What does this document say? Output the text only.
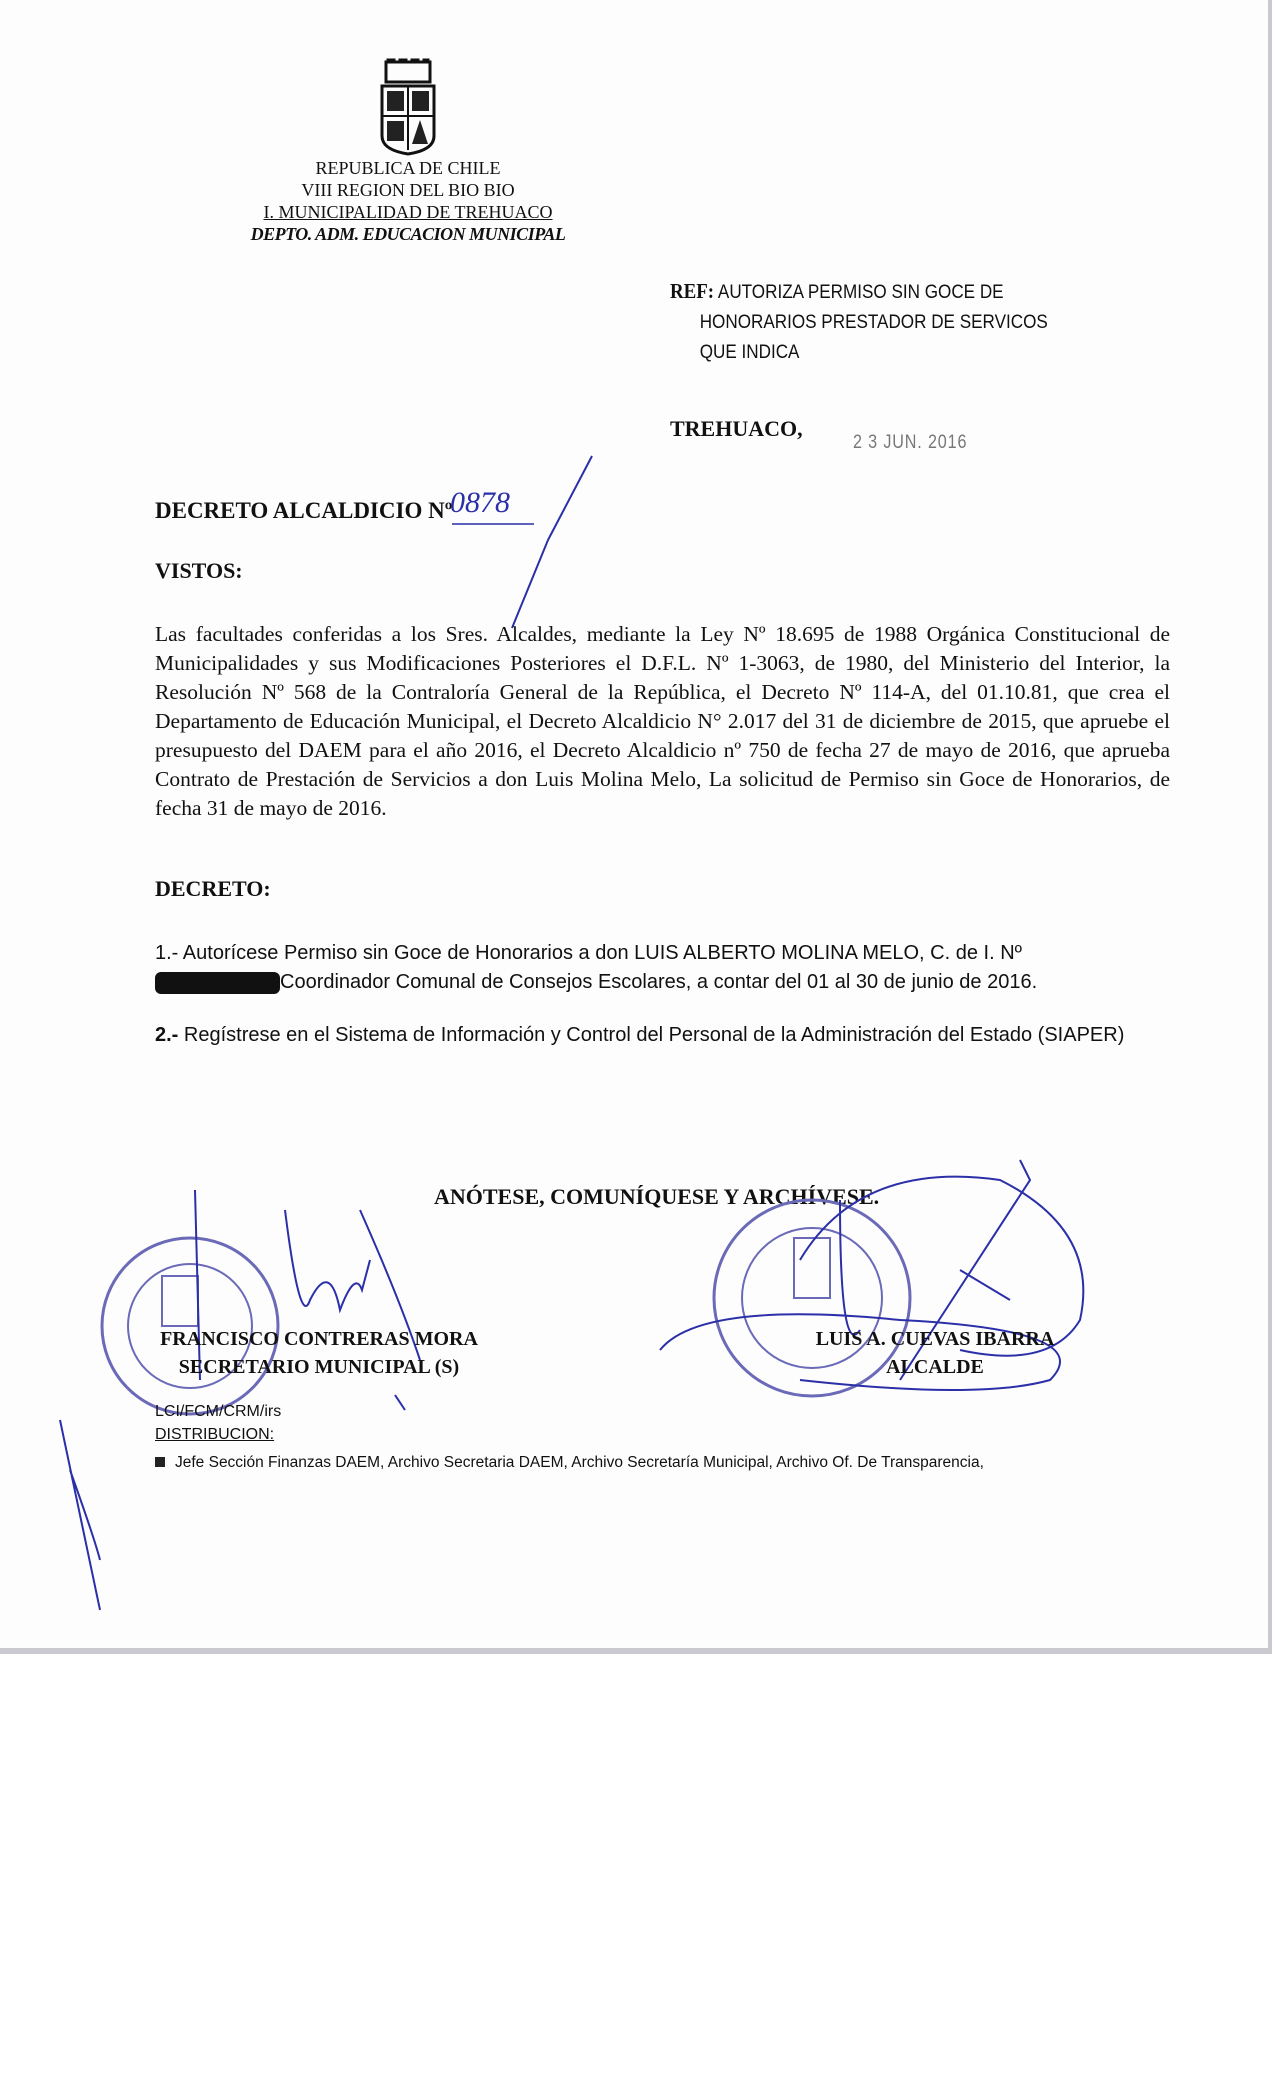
REPUBLICA DE CHILE
VIII REGION DEL BIO BIO
I. MUNICIPALIDAD DE TREHUACO
DEPTO. ADM. EDUCACION MUNICIPAL
REF: AUTORIZA PERMISO SIN GOCE DE
HONORARIOS PRESTADOR DE SERVICOS
QUE INDICA
TREHUACO,
2 3 JUN. 2016
DECRETO ALCALDICIO Nº
0878
VISTOS:
Las facultades conferidas a los Sres. Alcaldes, mediante la Ley Nº 18.695 de 1988 Orgánica Constitucional de Municipalidades y sus Modificaciones Posteriores el D.F.L. Nº 1-3063, de 1980, del Ministerio del Interior, la Resolución Nº 568 de la Contraloría General de la República, el Decreto Nº 114-A, del 01.10.81, que crea el Departamento de Educación Municipal, el Decreto Alcaldicio N° 2.017 del 31 de diciembre de 2015, que apruebe el presupuesto del DAEM para el año 2016, el Decreto Alcaldicio nº 750 de fecha 27 de mayo de 2016, que aprueba Contrato de Prestación de Servicios a don Luis Molina Melo, La solicitud de Permiso sin Goce de Honorarios, de fecha 31 de mayo de 2016.
DECRETO:
1.- Autorícese Permiso sin Goce de Honorarios a don LUIS ALBERTO MOLINA MELO, C. de I. Nº
Coordinador Comunal de Consejos Escolares, a contar del 01 al 30 de junio de 2016.
2.- Regístrese en el Sistema de Información y Control del Personal de la Administración del Estado (SIAPER)
ANÓTESE, COMUNÍQUESE Y ARCHÍVESE.
FRANCISCO CONTRERAS MORA
SECRETARIO MUNICIPAL (S)
LUIS A. CUEVAS IBARRA
ALCALDE
LCI/FCM/CRM/irs
DISTRIBUCION:
Jefe Sección Finanzas DAEM, Archivo Secretaria DAEM, Archivo Secretaría Municipal, Archivo Of. De Transparencia,
